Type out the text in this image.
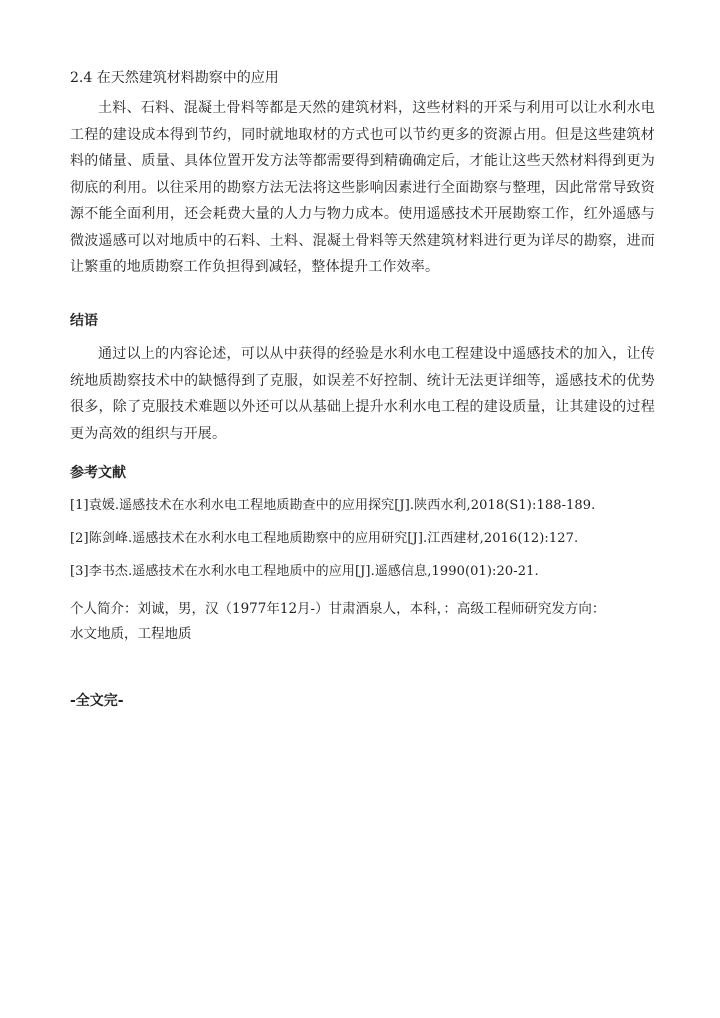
2.4 在天然建筑材料勘察中的应用

土料、石料、混凝土骨料等都是天然的建筑材料，这些材料的开采与利用可以让水利水电工程的建设成本得到节约，同时就地取材的方式也可以节约更多的资源占用。但是这些建筑材料的储量、质量、具体位置开发方法等都需要得到精确确定后，才能让这些天然材料得到更为彻底的利用。以往采用的勘察方法无法将这些影响因素进行全面勘察与整理，因此常常导致资源不能全面利用，还会耗费大量的人力与物力成本。使用遥感技术开展勘察工作，红外遥感与微波遥感可以对地质中的石料、土料、混凝土骨料等天然建筑材料进行更为详尽的勘察，进而让繁重的地质勘察工作负担得到减轻，整体提升工作效率。

结语

通过以上的内容论述，可以从中获得的经验是水利水电工程建设中遥感技术的加入，让传统地质勘察技术中的缺憾得到了克服，如误差不好控制、统计无法更详细等，遥感技术的优势很多，除了克服技术难题以外还可以从基础上提升水利水电工程的建设质量，让其建设的过程更为高效的组织与开展。

参考文献
[1]袁媛.遥感技术在水利水电工程地质勘查中的应用探究[J].陕西水利,2018(S1):188-189.
[2]陈剑峰.遥感技术在水利水电工程地质勘察中的应用研究[J].江西建材,2016(12):127.
[3]李书杰.遥感技术在水利水电工程地质中的应用[J].遥感信息,1990(01):20-21.

个人简介：刘诚，男，汉（1977年12月-）甘肃酒泉人，本科，：高级工程师研究发方向：水文地质，工程地质

-全文完-
